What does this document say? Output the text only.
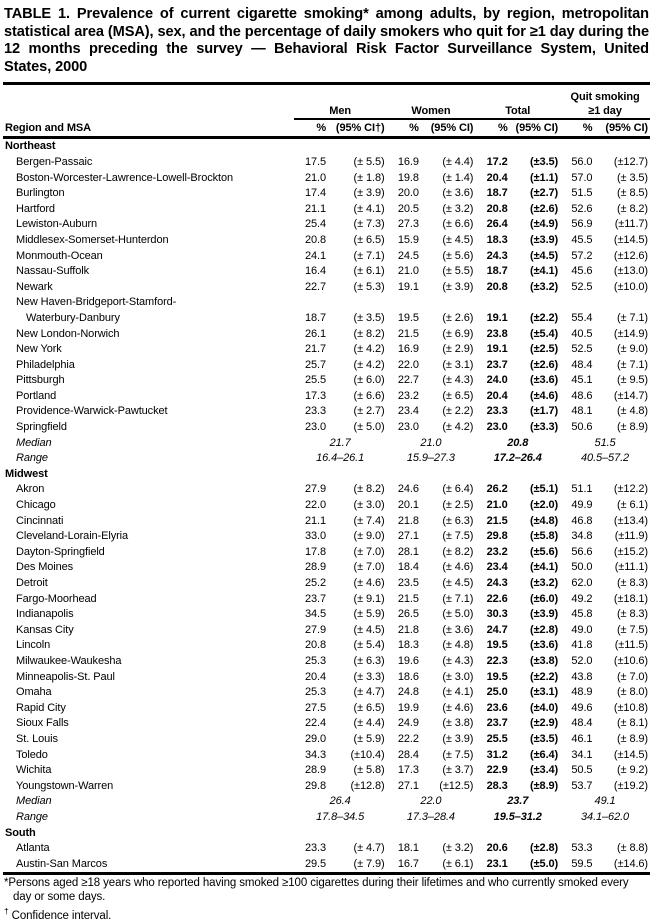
TABLE 1. Prevalence of current cigarette smoking* among adults, by region, metropolitan statistical area (MSA), sex, and the percentage of daily smokers who quit for ≥1 day during the 12 months preceding the survey — Behavioral Risk Factor Surveillance System, United States, 2000
							Quit smoking	
	Men		Women		Total		≥1 day	
Region and MSA	%	(95% CI†)	%	(95% CI)	%	(95% CI)	%	(95% CI)
Northeast								

Bergen-Passaic	17.5	(± 5.5)	16.9	(± 4.4)	17.2	(±3.5)	56.0	(±12.7)

Boston-Worcester-Lawrence-Lowell-Brockton	21.0	(± 1.8)	19.8	(± 1.4)	20.4	(±1.1)	57.0	(± 3.5)

Burlington	17.4	(± 3.9)	20.0	(± 3.6)	18.7	(±2.7)	51.5	(± 8.5)

Hartford	21.1	(± 4.1)	20.5	(± 3.2)	20.8	(±2.6)	52.6	(± 8.2)

Lewiston-Auburn	25.4	(± 7.3)	27.3	(± 6.6)	26.4	(±4.9)	56.9	(±11.7)

Middlesex-Somerset-Hunterdon	20.8	(± 6.5)	15.9	(± 4.5)	18.3	(±3.9)	45.5	(±14.5)

Monmouth-Ocean	24.1	(± 7.1)	24.5	(± 5.6)	24.3	(±4.5)	57.2	(±12.6)

Nassau-Suffolk	16.4	(± 6.1)	21.0	(± 5.5)	18.7	(±4.1)	45.6	(±13.0)

Newark	22.7	(± 5.3)	19.1	(± 3.9)	20.8	(±3.2)	52.5	(±10.0)

New Haven-Bridgeport-Stamford-
Waterbury-Danbury	18.7	(± 3.5)	19.5	(± 2.6)	19.1	(±2.2)	55.4	(± 7.1)

New London-Norwich	26.1	(± 8.2)	21.5	(± 6.9)	23.8	(±5.4)	40.5	(±14.9)

New York	21.7	(± 4.2)	16.9	(± 2.9)	19.1	(±2.5)	52.5	(± 9.0)

Philadelphia	25.7	(± 4.2)	22.0	(± 3.1)	23.7	(±2.6)	48.4	(± 7.1)

Pittsburgh	25.5	(± 6.0)	22.7	(± 4.3)	24.0	(±3.6)	45.1	(± 9.5)

Portland	17.3	(± 6.6)	23.2	(± 6.5)	20.4	(±4.6)	48.6	(±14.7)

Providence-Warwick-Pawtucket	23.3	(± 2.7)	23.4	(± 2.2)	23.3	(±1.7)	48.1	(± 4.8)

Springfield	23.0	(± 5.0)	23.0	(± 4.2)	23.0	(±3.3)	50.6	(± 8.9)
Median	21.7		21.0		20.8		51.5	
Range	16.4–26.1		15.9–27.3		17.2–26.4		40.5–57.2	
Midwest								

Akron	27.9	(± 8.2)	24.6	(± 6.4)	26.2	(±5.1)	51.1	(±12.2)

Chicago	22.0	(± 3.0)	20.1	(± 2.5)	21.0	(±2.0)	49.9	(± 6.1)

Cincinnati	21.1	(± 7.4)	21.8	(± 6.3)	21.5	(±4.8)	46.8	(±13.4)

Cleveland-Lorain-Elyria	33.0	(± 9.0)	27.1	(± 7.5)	29.8	(±5.8)	34.8	(±11.9)

Dayton-Springfield	17.8	(± 7.0)	28.1	(± 8.2)	23.2	(±5.6)	56.6	(±15.2)

Des Moines	28.9	(± 7.0)	18.4	(± 4.6)	23.4	(±4.1)	50.0	(±11.1)

Detroit	25.2	(± 4.6)	23.5	(± 4.5)	24.3	(±3.2)	62.0	(± 8.3)

Fargo-Moorhead	23.7	(± 9.1)	21.5	(± 7.1)	22.6	(±6.0)	49.2	(±18.1)

Indianapolis	34.5	(± 5.9)	26.5	(± 5.0)	30.3	(±3.9)	45.8	(± 8.3)

Kansas City	27.9	(± 4.5)	21.8	(± 3.6)	24.7	(±2.8)	49.0	(± 7.5)

Lincoln	20.8	(± 5.4)	18.3	(± 4.8)	19.5	(±3.6)	41.8	(±11.5)

Milwaukee-Waukesha	25.3	(± 6.3)	19.6	(± 4.3)	22.3	(±3.8)	52.0	(±10.6)

Minneapolis-St. Paul	20.4	(± 3.3)	18.6	(± 3.0)	19.5	(±2.2)	43.8	(± 7.0)

Omaha	25.3	(± 4.7)	24.8	(± 4.1)	25.0	(±3.1)	48.9	(± 8.0)

Rapid City	27.5	(± 6.5)	19.9	(± 4.6)	23.6	(±4.0)	49.6	(±10.8)

Sioux Falls	22.4	(± 4.4)	24.9	(± 3.8)	23.7	(±2.9)	48.4	(± 8.1)

St. Louis	29.0	(± 5.9)	22.2	(± 3.9)	25.5	(±3.5)	46.1	(± 8.9)

Toledo	34.3	(±10.4)	28.4	(± 7.5)	31.2	(±6.4)	34.1	(±14.5)

Wichita	28.9	(± 5.8)	17.3	(± 3.7)	22.9	(±3.4)	50.5	(± 9.2)

Youngstown-Warren	29.8	(±12.8)	27.1	(±12.5)	28.3	(±8.9)	53.7	(±19.2)
Median	26.4		22.0		23.7		49.1	
Range	17.8–34.5		17.3–28.4		19.5–31.2		34.1–62.0	
South								

Atlanta	23.3	(± 4.7)	18.1	(± 3.2)	20.6	(±2.8)	53.3	(± 8.8)

Austin-San Marcos	29.5	(± 7.9)	16.7	(± 6.1)	23.1	(±5.0)	59.5	(±14.6)
*Persons aged ≥18 years who reported having smoked ≥100 cigarettes during their lifetimes and who currently smoked every day or some days.
† Confidence interval.
